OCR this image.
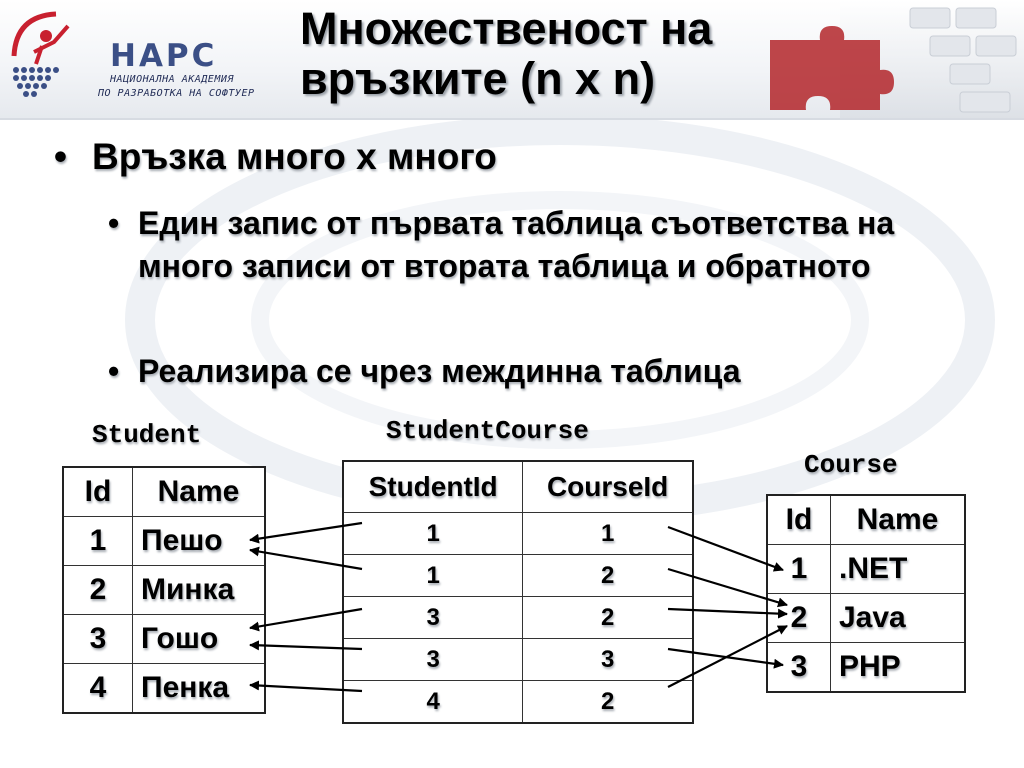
НАРС
НАЦИОНАЛНА АКАДЕМИЯ
ПО РАЗРАБОТКА НА СОФТУЕР
Множественост на
връзките (n x n)
• Връзка много x много
• Един запис от първата таблица съответства на много записи от втората таблица и обратното
• Реализира се чрез междинна таблица
Student	StudentCourse
Course
Id	Name
1	Пешо
2	Минка
3	Гошо
4	Пенка
StudentId	CourseId
1	1
1	2
3	2
3	3
4	2
Id	Name
1	.NET
2	Java
3	PHP
